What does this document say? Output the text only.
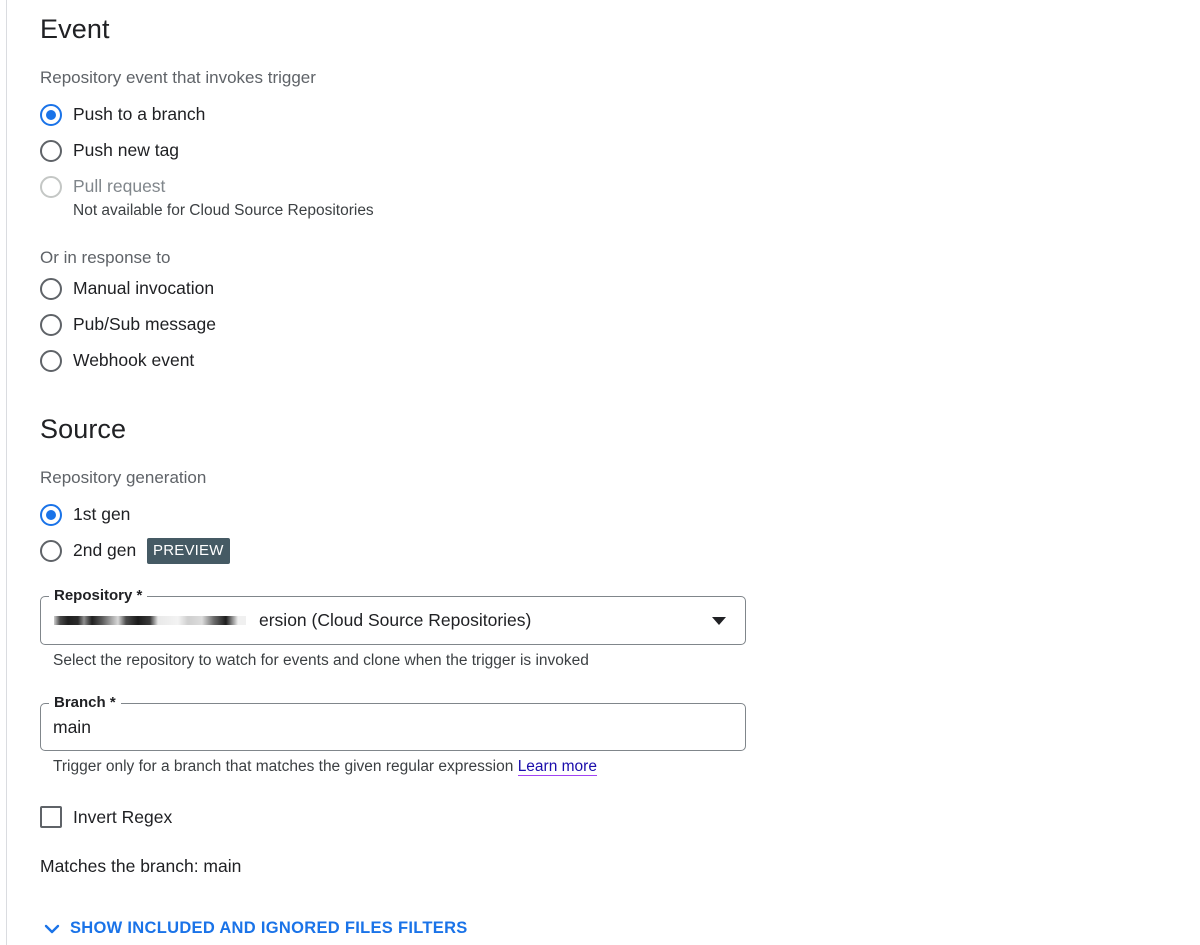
Event
Repository event that invokes trigger
Push to a branch
Push new tag
Pull request
Not available for Cloud Source Repositories
Or in response to
Manual invocation
Pub/Sub message
Webhook event
Source
Repository generation
1st gen
2nd gen	PREVIEW
Repository *
ersion (Cloud Source Repositories)
Select the repository to watch for events and clone when the trigger is invoked
Branch *
main
Trigger only for a branch that matches the given regular expression Learn more
Invert Regex
Matches the branch: main
SHOW INCLUDED AND IGNORED FILES FILTERS
